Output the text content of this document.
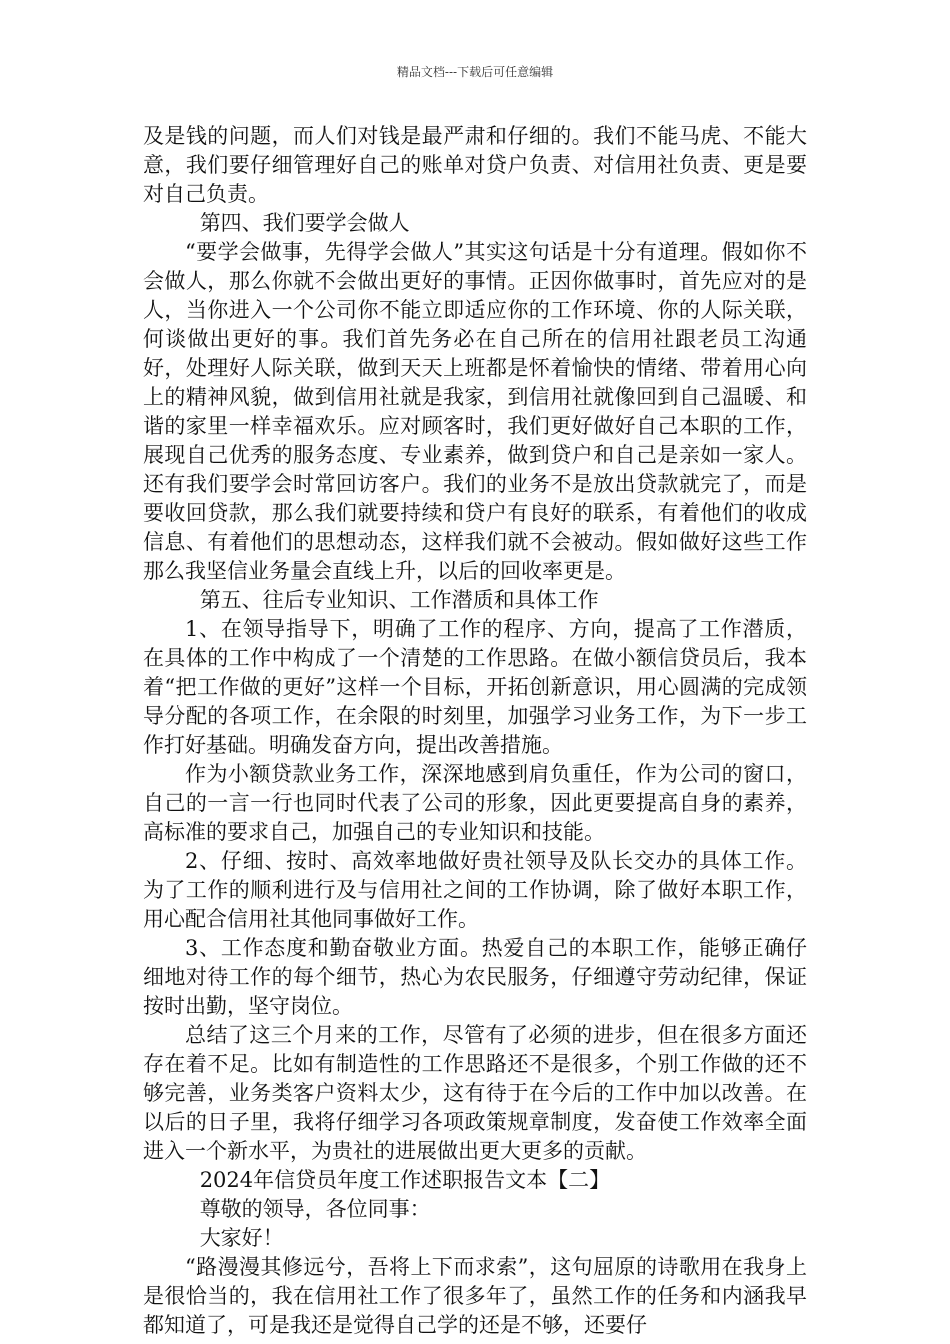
精品文档---下载后可任意编辑

及是钱的问题，而人们对钱是最严肃和仔细的。我们不能马虎、不能大意，我们要仔细管理好自己的账单对贷户负责、对信用社负责、更是要对自己负责。

第四、我们要学会做人

“要学会做事，先得学会做人”其实这句话是十分有道理。假如你不会做人，那么你就不会做出更好的事情。正因你做事时，首先应对的是人，当你进入一个公司你不能立即适应你的工作环境、你的人际关联，何谈做出更好的事。我们首先务必在自己所在的信用社跟老员工沟通好，处理好人际关联，做到天天上班都是怀着愉快的情绪、带着用心向上的精神风貌，做到信用社就是我家，到信用社就像回到自己温暖、和谐的家里一样幸福欢乐。应对顾客时，我们更好做好自己本职的工作，展现自己优秀的服务态度、专业素养，做到贷户和自己是亲如一家人。还有我们要学会时常回访客户。我们的业务不是放出贷款就完了，而是要收回贷款，那么我们就要持续和贷户有良好的联系，有着他们的收成信息、有着他们的思想动态，这样我们就不会被动。假如做好这些工作那么我坚信业务量会直线上升，以后的回收率更是。

第五、往后专业知识、工作潜质和具体工作

1、在领导指导下，明确了工作的程序、方向，提高了工作潜质，在具体的工作中构成了一个清楚的工作思路。在做小额信贷员后，我本着“把工作做的更好”这样一个目标，开拓创新意识，用心圆满的完成领导分配的各项工作，在余限的时刻里，加强学习业务工作，为下一步工作打好基础。明确发奋方向，提出改善措施。

作为小额贷款业务工作，深深地感到肩负重任，作为公司的窗口，自己的一言一行也同时代表了公司的形象，因此更要提高自身的素养，高标准的要求自己，加强自己的专业知识和技能。

2、仔细、按时、高效率地做好贵社领导及队长交办的具体工作。为了工作的顺利进行及与信用社之间的工作协调，除了做好本职工作，用心配合信用社其他同事做好工作。

3、工作态度和勤奋敬业方面。热爱自己的本职工作，能够正确仔细地对待工作的每个细节，热心为农民服务，仔细遵守劳动纪律，保证按时出勤，坚守岗位。

总结了这三个月来的工作，尽管有了必须的进步，但在很多方面还存在着不足。比如有制造性的工作思路还不是很多，个别工作做的还不够完善，业务类客户资料太少，这有待于在今后的工作中加以改善。在以后的日子里，我将仔细学习各项政策规章制度，发奋使工作效率全面进入一个新水平，为贵社的进展做出更大更多的贡献。

2024年信贷员年度工作述职报告文本【二】

尊敬的领导，各位同事：

大家好！

“路漫漫其修远兮，吾将上下而求索”，这句屈原的诗歌用在我身上是很恰当的，我在信用社工作了很多年了，虽然工作的任务和内涵我早都知道了，可是我还是觉得自己学的还是不够，还要仔
